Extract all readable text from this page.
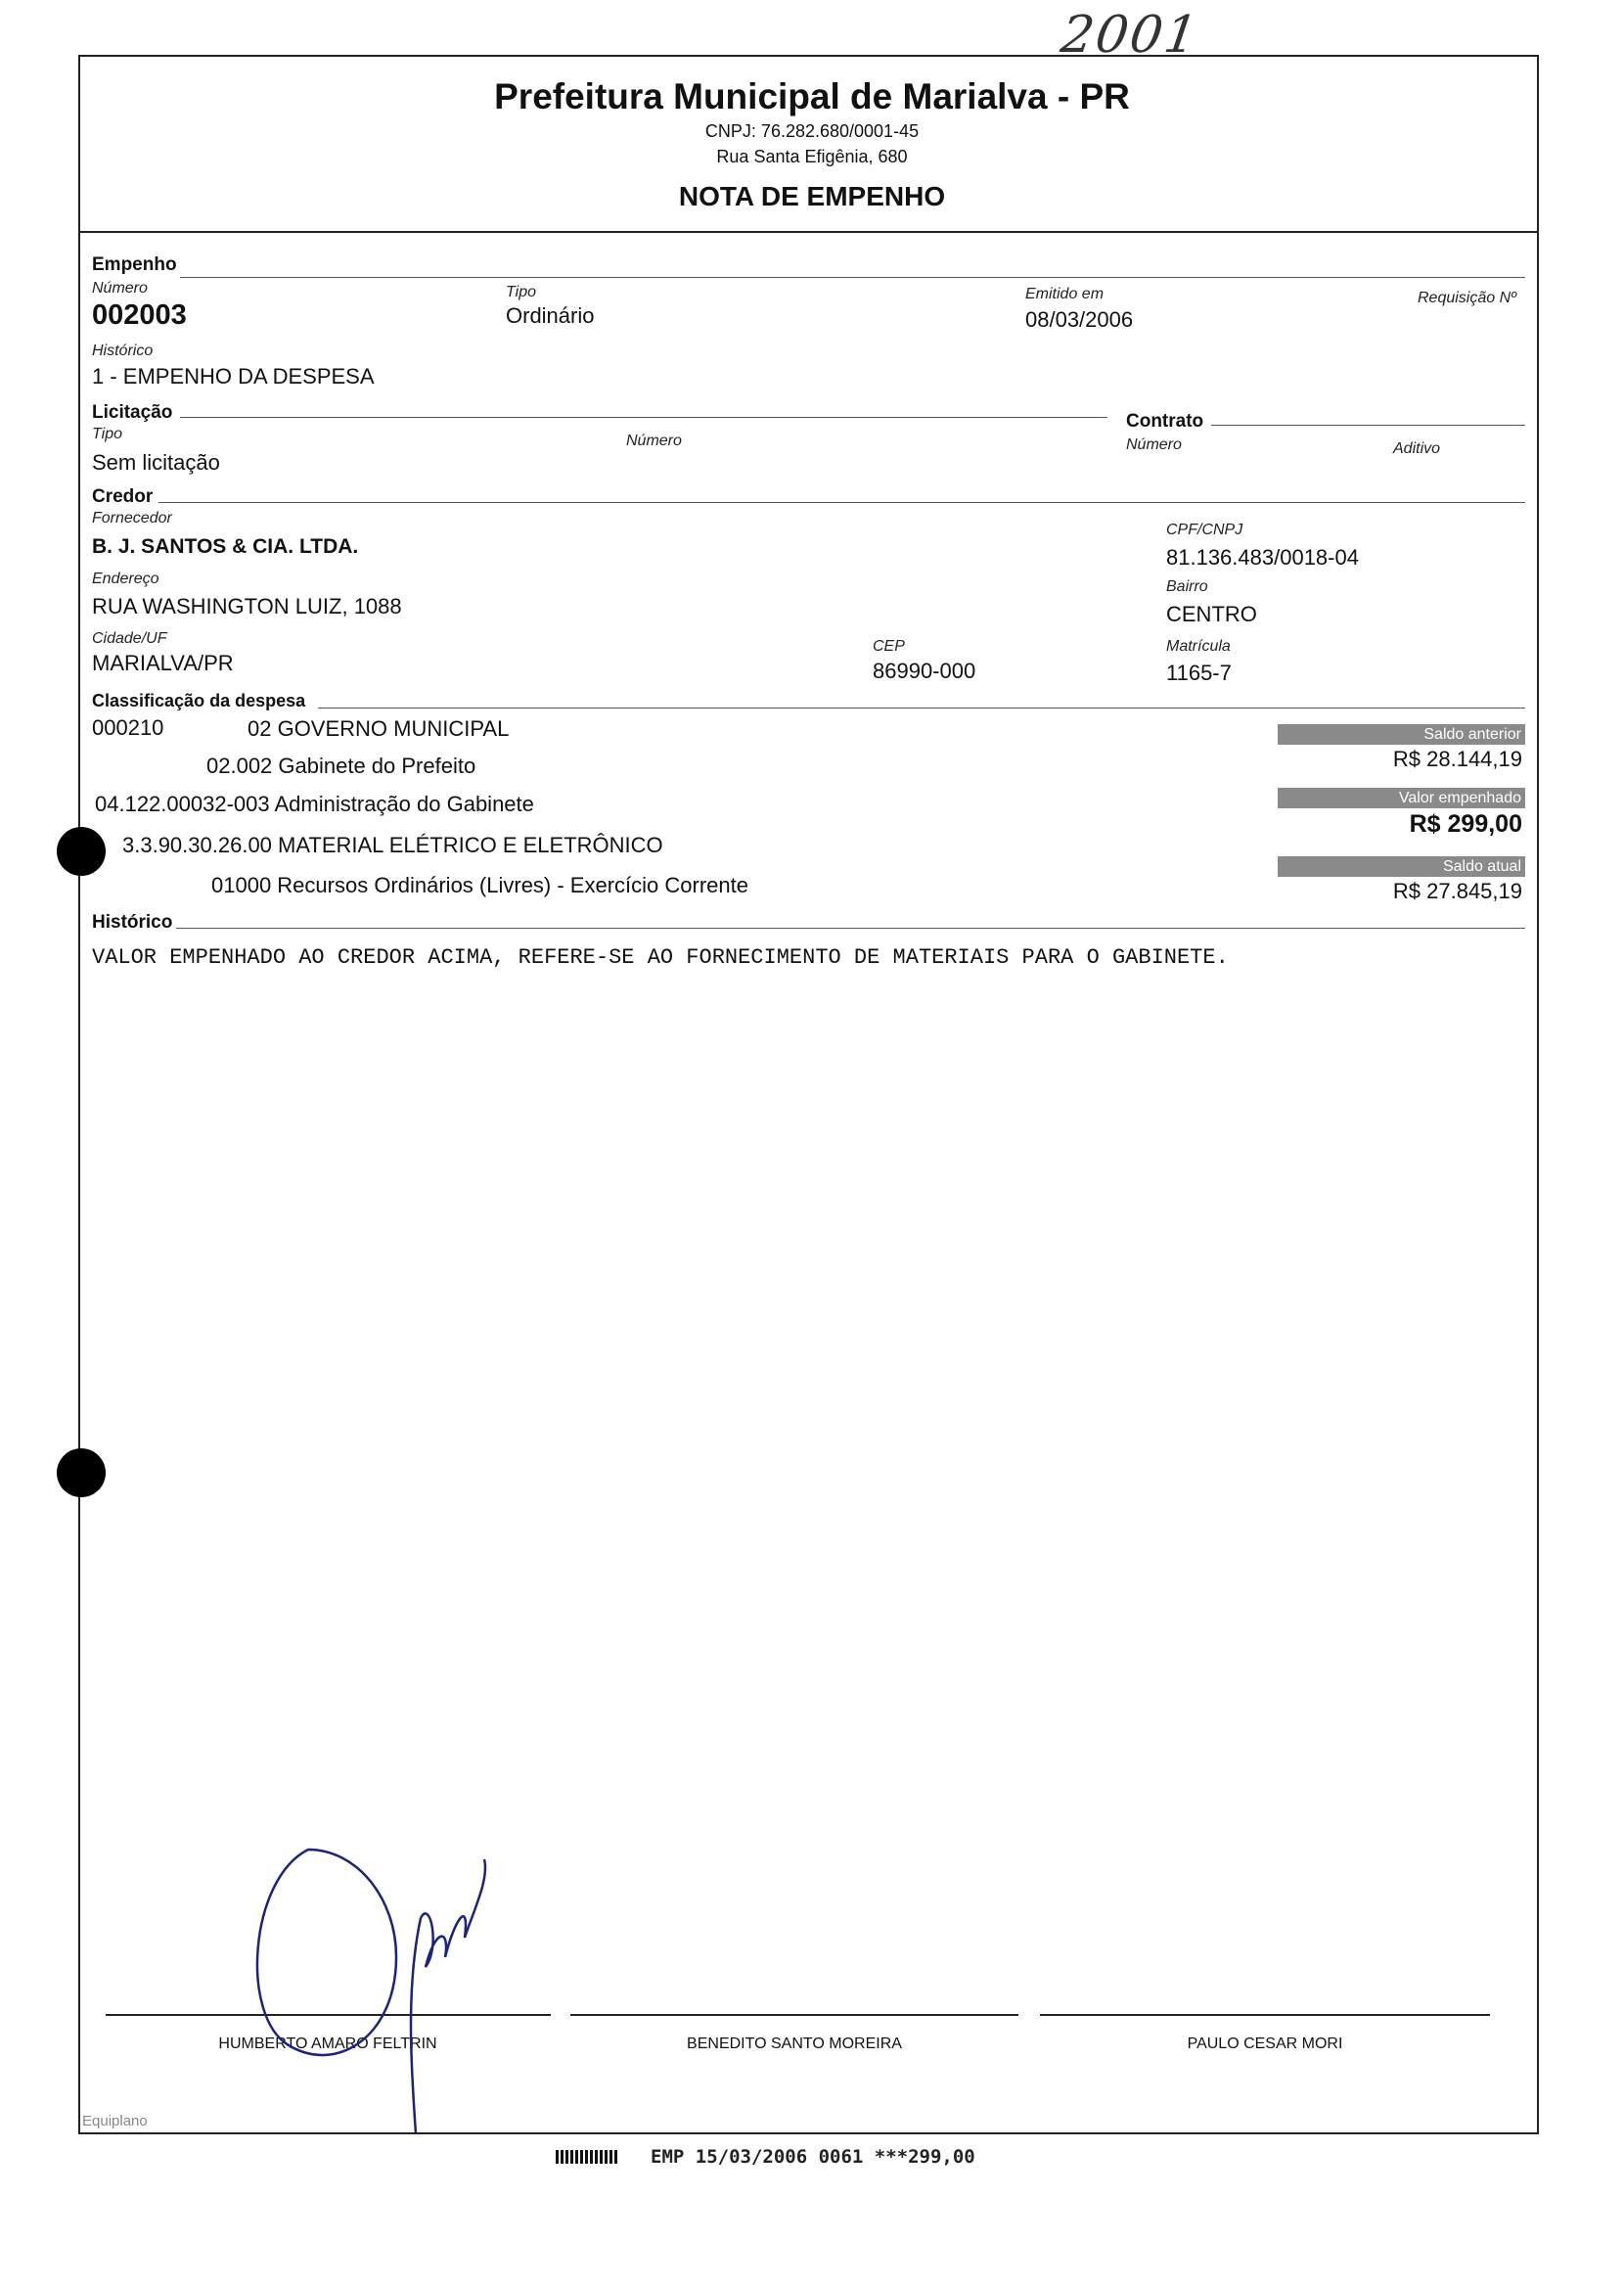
2001
Prefeitura Municipal de Marialva - PR
CNPJ: 76.282.680/0001-45
Rua Santa Efigênia, 680
NOTA DE EMPENHO
Empenho
Número
002003
Tipo
Ordinário
Emitido em
08/03/2006
Requisição Nº
Histórico
1 - EMPENHO DA DESPESA
Licitação
Tipo
Sem licitação
Número
Contrato
Número	Aditivo
Credor
Fornecedor
B. J. SANTOS & CIA. LTDA.
Endereço
RUA WASHINGTON LUIZ, 1088
Cidade/UF
MARIALVA/PR
CEP
86990-000
CPF/CNPJ
81.136.483/0018-04
Bairro
CENTRO
Matrícula
1165-7
Classificação da despesa
000210	02 GOVERNO MUNICIPAL
02.002 Gabinete do Prefeito
04.122.00032-003 Administração do Gabinete
3.3.90.30.26.00 MATERIAL ELÉTRICO E ELETRÔNICO
01000 Recursos Ordinários (Livres) - Exercício Corrente
Saldo anterior
R$ 28.144,19
Valor empenhado
R$ 299,00
Saldo atual
R$ 27.845,19
Histórico
VALOR EMPENHADO AO CREDOR ACIMA, REFERE-SE AO FORNECIMENTO DE MATERIAIS PARA O GABINETE.
HUMBERTO AMARO FELTRIN	BENEDITO SANTO MOREIRA	PAULO CESAR MORI
Equiplano
EMP 15/03/2006 0061 ***299,00
